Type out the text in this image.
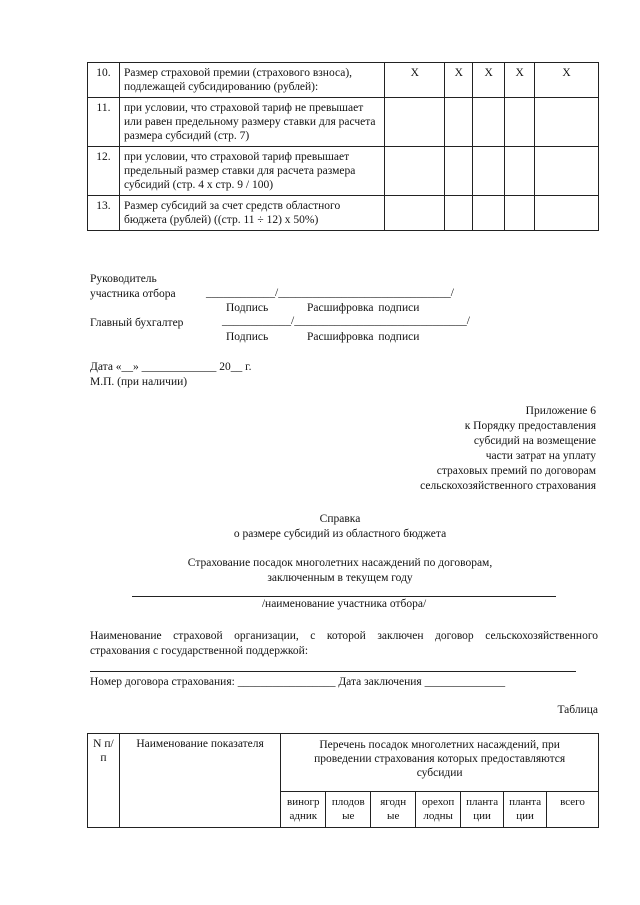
10.	Размер страховой премии (страхового взноса), подлежащей субсидированию (рублей):	X	X	X	X	X
11.	при условии, что страховой тариф не превышает или равен предельному размеру ставки для расчета размера субсидий (стр. 7)					
12.	при условии, что страховой тариф превышает предельный размер ставки для расчета размера субсидий (стр. 4 х стр. 9 / 100)					
13.	Размер субсидий за счет средств областного бюджета (рублей) ((стр. 11 ÷ 12) х 50%)					
Руководитель
участника отбора	____________/______________________________/
Подпись	Расшифровка подписи
Главный бухгалтер	____________/______________________________/
Подпись	Расшифровка подписи
Дата «__» _____________ 20__ г.
М.П. (при наличии)
Приложение 6
к Порядку предоставления
субсидий на возмещение
части затрат на уплату
страховых премий по договорам
сельскохозяйственного страхования
Справка
о размере субсидий из областного бюджета
Страхование посадок многолетних насаждений по договорам,
заключенным в текущем году
/наименование участника отбора/
Наименование страховой организации, с которой заключен договор сельскохозяйственного страхования с государственной поддержкой:
Номер договора страхования: _________________ Дата заключения ______________
Таблица
N п/п	Наименование показателя	Перечень посадок многолетних насаждений, при проведении страхования которых предоставляются субсидии						
		виногр адник	плодов ые	ягодн ые	орехоп лодны	планта ции	планта ции	всего
